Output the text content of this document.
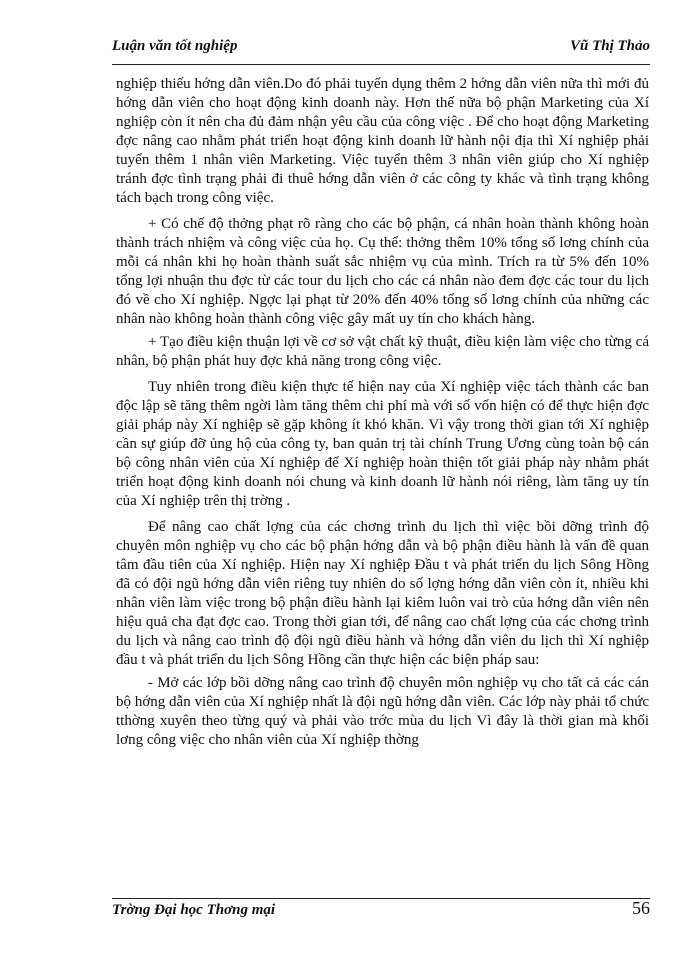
Luận văn tốt nghiệp	Vũ Thị Thảo

nghiệp thiếu hớng dẫn viên.Do đó phải tuyển dụng thêm 2 hớng dẫn viên nữa thì mới đủ hớng dẫn viên cho hoạt động kinh doanh này. Hơn thế nữa bộ phận Marketing của Xí nghiệp còn ít nên cha đủ đảm nhận yêu cầu của công việc . Để cho hoạt động Marketing đợc nâng cao nhằm phát triển hoạt động kinh doanh lữ hành nội địa thì Xí nghiệp phải tuyển thêm 1 nhân viên Marketing. Việc tuyển thêm 3 nhân viên giúp cho Xí nghiệp tránh đợc tình trạng phải đi thuê hớng dẫn viên ở các công ty khác và tình trạng không tách bạch trong công việc.

+ Có chế độ thởng phạt rõ ràng cho các bộ phận, cá nhân hoàn thành không hoàn thành trách nhiệm và công việc của họ. Cụ thể: thởng thêm 10% tổng số lơng chính của mỗi cá nhân khi họ hoàn thành suất sắc nhiệm vụ của mình. Trích ra từ 5% đến 10% tổng lợi nhuận thu đợc từ các tour du lịch cho các cá nhân nào đem đợc các tour du lịch đó về cho Xí nghiệp. Ngợc lại phạt từ 20% đến 40% tổng số lơng chính của những các nhân nào không hoàn thành công việc gây mất uy tín cho khách hàng.

+ Tạo điều kiện thuận lợi về cơ sở vật chất kỹ thuật, điều kiện làm việc cho từng cá nhân, bộ phận phát huy đợc khả năng trong công việc.

Tuy nhiên trong điều kiện thực tế hiện nay của Xí nghiệp việc tách thành các ban độc lập sẽ tăng thêm ngời làm tăng thêm chi phí mà với số vốn hiện có để thực hiện đợc giải pháp này Xí nghiệp sẽ gặp không ít khó khăn. Vì vậy trong thời gian tới Xí nghiệp cần sự giúp đỡ ủng hộ của công ty, ban quản trị tài chính Trung Ương cùng toàn bộ cán bộ công nhân viên của Xí nghiệp để Xí nghiệp hoàn thiện tốt giải pháp này nhằm phát triển hoạt động kinh doanh nói chung và kinh doanh lữ hành nói riêng, làm tăng uy tín của Xí nghiệp trên thị trờng .

Để nâng cao chất lợng của các chơng trình du lịch thì việc bồi dỡng trình độ chuyên môn nghiệp vụ cho các bộ phận hớng dẫn và bộ phận điều hành là vấn đề quan tâm đầu tiên của Xí nghiệp. Hiện nay Xí nghiệp Đầu t và phát triển du lịch Sông Hồng đã có đội ngũ hớng dẫn viên riêng tuy nhiên do số lợng hớng dẫn viên còn ít, nhiều khi nhân viên làm việc trong bộ phận điều hành lại kiêm luôn vai trò của hớng dẫn viên nên hiệu quả cha đạt đợc cao. Trong thời gian tới, để nâng cao chất lợng của các chơng trình du lịch và nâng cao trình độ đội ngũ điều hành và hớng dẫn viên du lịch thì Xí nghiệp đầu t và phát triển du lịch Sông Hồng cần thực hiện các biện pháp sau:

- Mở các lớp bồi dỡng nâng cao trình độ chuyên môn nghiệp vụ cho tất cả các cán bộ hớng dẫn viên của Xí nghiệp nhất là đội ngũ hớng dẫn viên. Các lớp này phải tổ chức tthờng xuyên theo từng quý và phải vào trớc mùa du lịch Vì đây là thời gian mà khối lơng công việc cho nhân viên của Xí nghiệp thờng

Trờng Đại học Thơng mại	56
